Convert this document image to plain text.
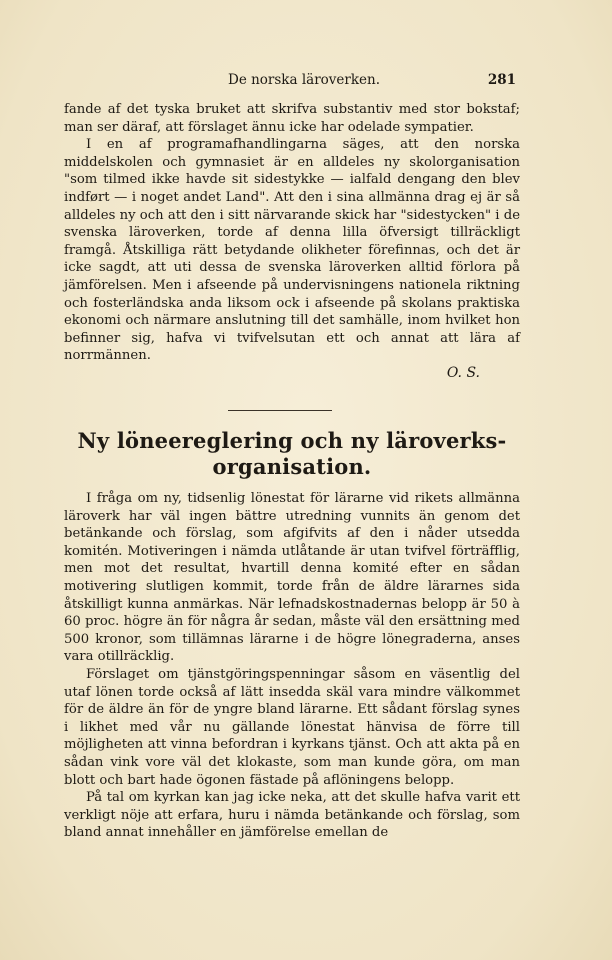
De norska läroverken.	281

fande af det tyska bruket att skrifva substantiv med stor bokstaf; man ser däraf, att förslaget ännu icke har odelade sympatier.

I en af programafhandlingarna säges, att den norska middelskolen och gymnasiet är en alldeles ny skolorganisation "som tilmed ikke havde sit sidestykke — ialfald dengang den blev indført — i noget andet Land". Att den i sina allmänna drag ej är så alldeles ny och att den i sitt närvarande skick har "sidestycken" i de svenska läroverken, torde af denna lilla öfversigt tillräckligt framgå. Åtskilliga rätt betydande olikheter förefinnas, och det är icke sagdt, att uti dessa de svenska läroverken alltid förlora på jämförelsen. Men i afseende på undervisningens nationela riktning och fosterländska anda liksom ock i afseende på skolans praktiska ekonomi och närmare anslutning till det samhälle, inom hvilket hon befinner sig, hafva vi tvifvelsutan ett och annat att lära af norrmännen.

O. S.

Ny löneereglering och ny läroverks-
organisation.

I fråga om ny, tidsenlig lönestat för lärarne vid rikets allmänna läroverk har väl ingen bättre utredning vunnits än genom det betänkande och förslag, som afgifvits af den i nåder utsedda komitén. Motiveringen i nämda utlåtande är utan tvifvel förträfflig, men mot det resultat, hvartill denna komité efter en sådan motivering slutligen kommit, torde från de äldre lärarnes sida åtskilligt kunna anmärkas. När lefnadskostnadernas belopp är 50 à 60 proc. högre än för några år sedan, måste väl den ersättning med 500 kronor, som tillämnas lärarne i de högre lönegraderna, anses vara otillräcklig.

Förslaget om tjänstgöringspenningar såsom en väsentlig del utaf lönen torde också af lätt insedda skäl vara mindre välkommet för de äldre än för de yngre bland lärarne. Ett sådant förslag synes i likhet med vår nu gällande lönestat hänvisa de förre till möjligheten att vinna befordran i kyrkans tjänst. Och att akta på en sådan vink vore väl det klokaste, som man kunde göra, om man blott och bart hade ögonen fästade på aflöningens belopp.

På tal om kyrkan kan jag icke neka, att det skulle hafva varit ett verkligt nöje att erfara, huru i nämda betänkande och förslag, som bland annat innehåller en jämförelse emellan de
